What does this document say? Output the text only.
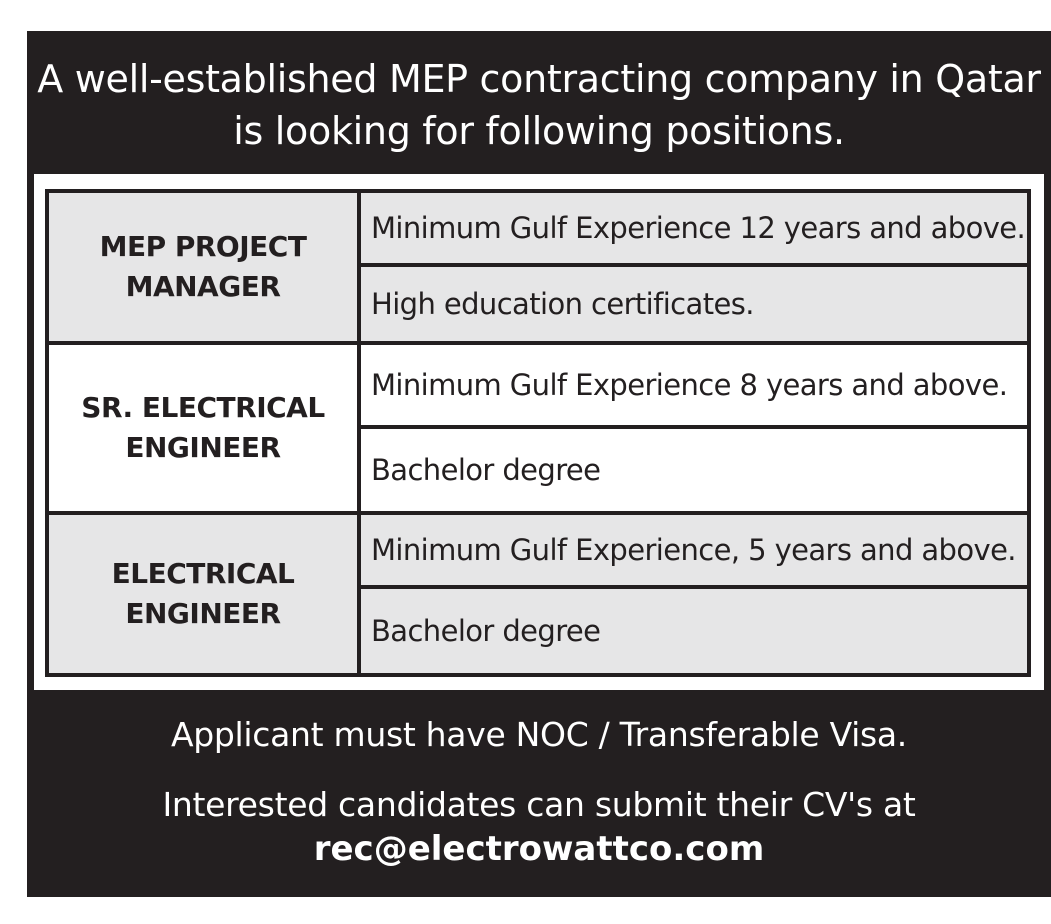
A well-established MEP contracting company in Qatar
is looking for following positions.
MEP PROJECT
MANAGER
Minimum Gulf Experience 12 years and above.
High education certificates.
SR. ELECTRICAL
ENGINEER
Minimum Gulf Experience 8 years and above.
Bachelor degree
ELECTRICAL
ENGINEER
Minimum Gulf Experience, 5 years and above.
Bachelor degree
Applicant must have NOC / Transferable Visa.
Interested candidates can submit their CV's at
rec@electrowattco.com
